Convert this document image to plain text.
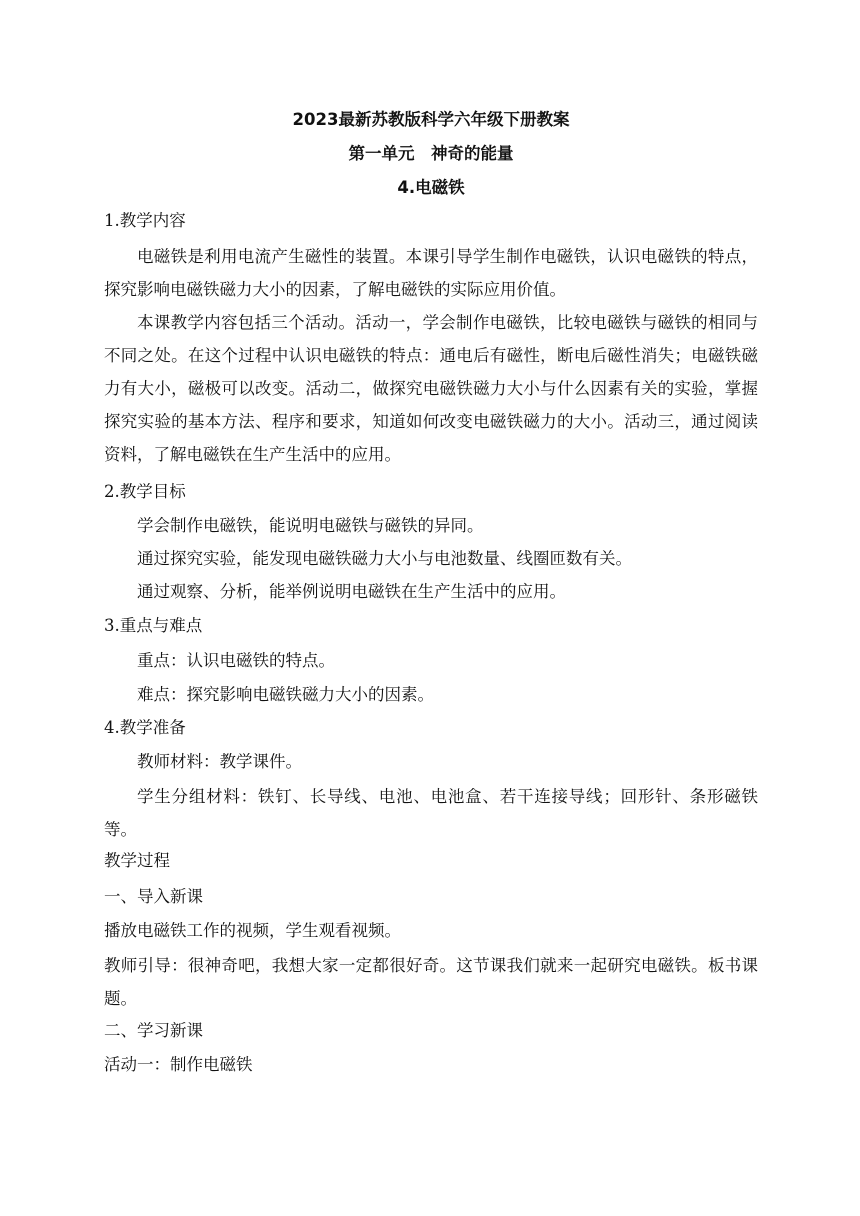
2023最新苏教版科学六年级下册教案
第一单元　神奇的能量
4.电磁铁
1.教学内容
电磁铁是利用电流产生磁性的装置。本课引导学生制作电磁铁，认识电磁铁的特点，探究影响电磁铁磁力大小的因素，了解电磁铁的实际应用价值。
本课教学内容包括三个活动。活动一，学会制作电磁铁，比较电磁铁与磁铁的相同与不同之处。在这个过程中认识电磁铁的特点：通电后有磁性，断电后磁性消失；电磁铁磁力有大小，磁极可以改变。活动二，做探究电磁铁磁力大小与什么因素有关的实验，掌握探究实验的基本方法、程序和要求，知道如何改变电磁铁磁力的大小。活动三，通过阅读资料，了解电磁铁在生产生活中的应用。
2.教学目标
学会制作电磁铁，能说明电磁铁与磁铁的异同。
通过探究实验，能发现电磁铁磁力大小与电池数量、线圈匝数有关。
通过观察、分析，能举例说明电磁铁在生产生活中的应用。
3.重点与难点
重点：认识电磁铁的特点。
难点：探究影响电磁铁磁力大小的因素。
4.教学准备
教师材料：教学课件。
学生分组材料：铁钉、长导线、电池、电池盒、若干连接导线；回形针、条形磁铁等。
教学过程
一、导入新课
播放电磁铁工作的视频，学生观看视频。
教师引导：很神奇吧，我想大家一定都很好奇。这节课我们就来一起研究电磁铁。板书课题。
二、学习新课
活动一：制作电磁铁
